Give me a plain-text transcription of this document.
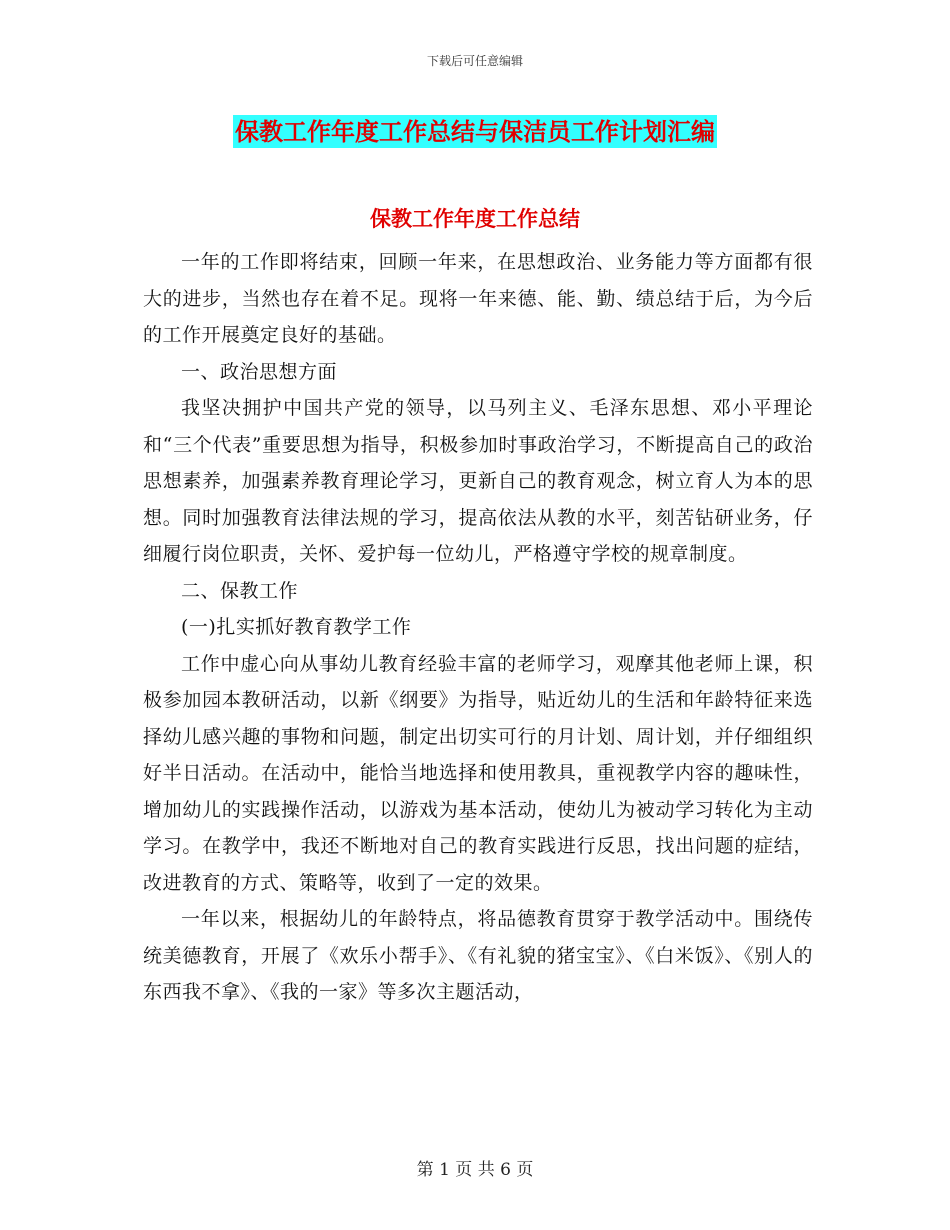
下载后可任意编辑
保教工作年度工作总结与保洁员工作计划汇编
保教工作年度工作总结

一年的工作即将结束，回顾一年来，在思想政治、业务能力等方面都有很大的进步，当然也存在着不足。现将一年来德、能、勤、绩总结于后，为今后的工作开展奠定良好的基础。

一、政治思想方面

我坚决拥护中国共产党的领导，以马列主义、毛泽东思想、邓小平理论和“三个代表”重要思想为指导，积极参加时事政治学习，不断提高自己的政治思想素养，加强素养教育理论学习，更新自己的教育观念，树立育人为本的思想。同时加强教育法律法规的学习，提高依法从教的水平，刻苦钻研业务，仔细履行岗位职责，关怀、爱护每一位幼儿，严格遵守学校的规章制度。

二、保教工作

(一)扎实抓好教育教学工作

工作中虚心向从事幼儿教育经验丰富的老师学习，观摩其他老师上课，积极参加园本教研活动，以新《纲要》为指导，贴近幼儿的生活和年龄特征来选择幼儿感兴趣的事物和问题，制定出切实可行的月计划、周计划，并仔细组织好半日活动。在活动中，能恰当地选择和使用教具，重视教学内容的趣味性，增加幼儿的实践操作活动，以游戏为基本活动，使幼儿为被动学习转化为主动学习。在教学中，我还不断地对自己的教育实践进行反思，找出问题的症结，改进教育的方式、策略等，收到了一定的效果。

一年以来，根据幼儿的年龄特点，将品德教育贯穿于教学活动中。围绕传统美德教育，开展了《欢乐小帮手》、《有礼貌的猪宝宝》、《白米饭》、《别人的东西我不拿》、《我的一家》等多次主题活动，

第 1 页 共 6 页
